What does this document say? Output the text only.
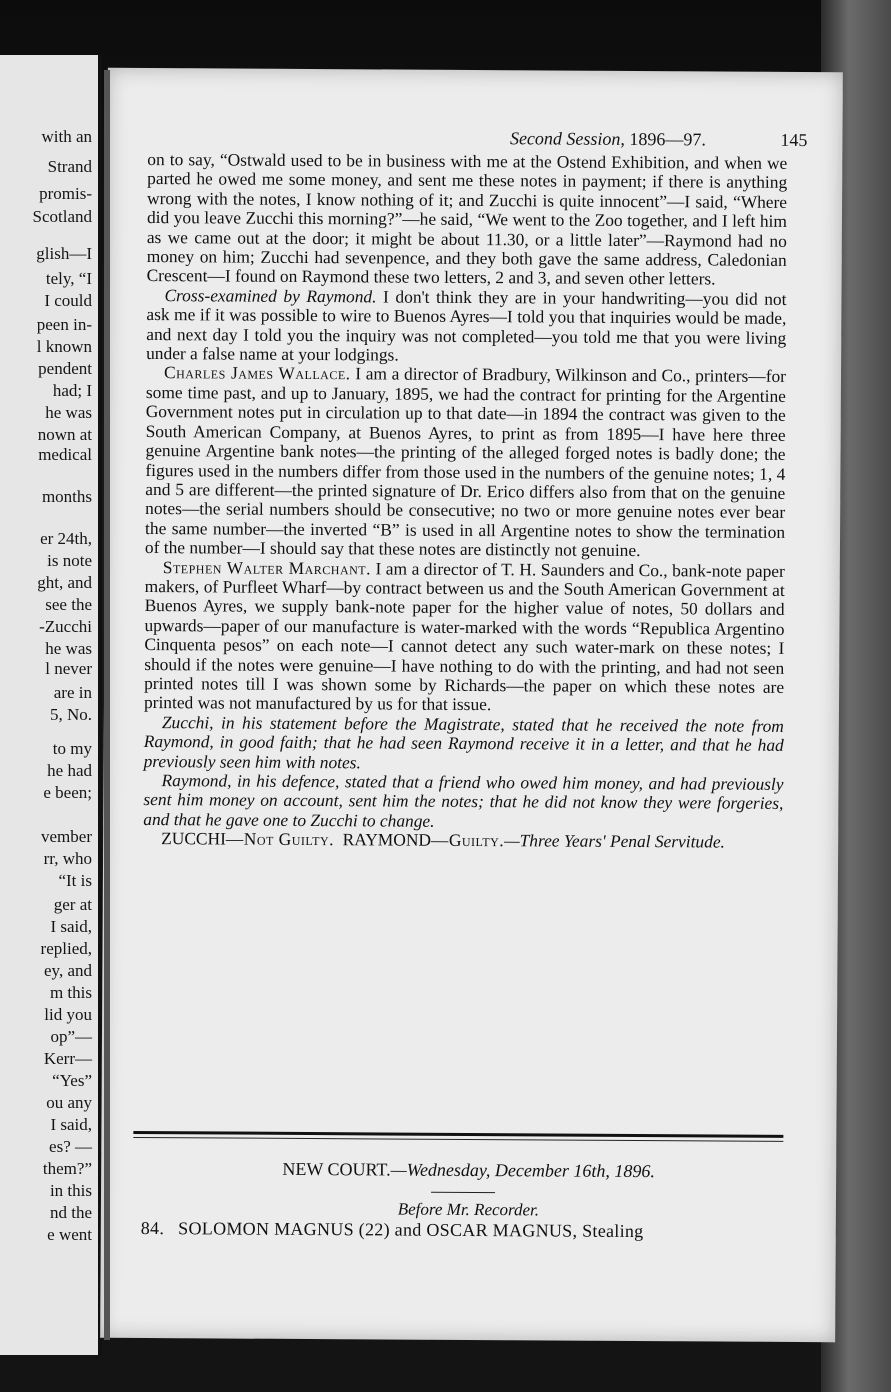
with an
Strand
promis-
Scotland
glish—I
tely, “I
I could
peen in-
l known
pendent
had; I
he was
nown at
medical
months
er 24th,
is note
ght, and
see the
-Zucchi
he was
l never
are in
5, No.
to my
he had
e been;
vember
rr, who
“It is
ger at
I said,
replied,
ey, and
m this
lid you
op”—
Kerr—
“Yes”
ou any
I said,
es? —
them?”
in this
nd the
e went
Second Session, 1896—97.	145

on to say, “Ostwald used to be in business with me at the Ostend Exhibition, and when we parted he owed me some money, and sent me these notes in payment; if there is anything wrong with the notes, I know nothing of it; and Zucchi is quite innocent”—I said, “Where did you leave Zucchi this morning?”—he said, “We went to the Zoo together, and I left him as we came out at the door; it might be about 11.30, or a little later”—Raymond had no money on him; Zucchi had sevenpence, and they both gave the same address, Caledonian Crescent—I found on Raymond these two letters, 2 and 3, and seven other letters.

Cross-examined by Raymond. I don't think they are in your handwriting—you did not ask me if it was possible to wire to Buenos Ayres—I told you that inquiries would be made, and next day I told you the inquiry was not completed—you told me that you were living under a false name at your lodgings.

Charles James Wallace. I am a director of Bradbury, Wilkinson and Co., printers—for some time past, and up to January, 1895, we had the contract for printing for the Argentine Government notes put in circulation up to that date—in 1894 the contract was given to the South American Company, at Buenos Ayres, to print as from 1895—I have here three genuine Argentine bank notes—the printing of the alleged forged notes is badly done; the figures used in the numbers differ from those used in the numbers of the genuine notes; 1, 4 and 5 are different—the printed signature of Dr. Erico differs also from that on the genuine notes—the serial numbers should be consecutive; no two or more genuine notes ever bear the same number—the inverted “B” is used in all Argentine notes to show the termination of the number—I should say that these notes are distinctly not genuine.

Stephen Walter Marchant. I am a director of T. H. Saunders and Co., bank-note paper makers, of Purfleet Wharf—by contract between us and the South American Government at Buenos Ayres, we supply bank-note paper for the higher value of notes, 50 dollars and upwards—paper of our manufacture is water-marked with the words “Republica Argentino Cinquenta pesos” on each note—I cannot detect any such water-mark on these notes; I should if the notes were genuine—I have nothing to do with the printing, and had not seen printed notes till I was shown some by Richards—the paper on which these notes are printed was not manufactured by us for that issue.

Zucchi, in his statement before the Magistrate, stated that he received the note from Raymond, in good faith; that he had seen Raymond receive it in a letter, and that he had previously seen him with notes.

Raymond, in his defence, stated that a friend who owed him money, and had previously sent him money on account, sent him the notes; that he did not know they were forgeries, and that he gave one to Zucchi to change.

ZUCCHI—Not Guilty. RAYMOND—Guilty.—Three Years' Penal Servitude.

NEW COURT.—Wednesday, December 16th, 1896.
Before Mr. Recorder.
84. SOLOMON MAGNUS (22) and OSCAR MAGNUS, Stealing
